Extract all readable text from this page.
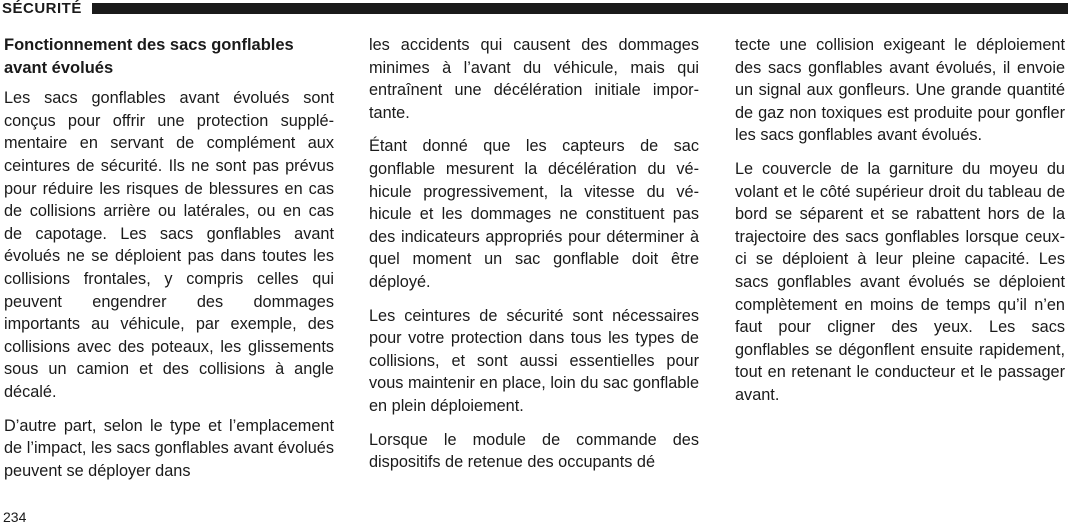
SÉCURITÉ
Fonctionnement des sacs gonflables avant évolués

Les sacs gonflables avant évolués sont conçus pour offrir une protection supplémentaire en servant de complément aux ceintures de sécurité. Ils ne sont pas prévus pour réduire les risques de blessures en cas de collisions arrière ou latérales, ou en cas de capotage. Les sacs gonflables avant évolués ne se déploient pas dans toutes les collisions frontales, y compris celles qui peuvent engendrer des dommages importants au véhicule, par exemple, des collisions avec des poteaux, les glissements sous un camion et des collisions à angle décalé.

D’autre part, selon le type et l’emplacement de l’impact, les sacs gonflables avant évolués peuvent se déployer dans

les accidents qui causent des dommages minimes à l’avant du véhicule, mais qui entraînent une décélération initiale importante.

Étant donné que les capteurs de sac gonflable mesurent la décélération du véhicule progressivement, la vitesse du véhicule et les dommages ne constituent pas des indicateurs appropriés pour déterminer à quel moment un sac gonflable doit être déployé.

Les ceintures de sécurité sont nécessaires pour votre protection dans tous les types de collisions, et sont aussi essentielles pour vous maintenir en place, loin du sac gonflable en plein déploiement.

Lorsque le module de commande des dispositifs de retenue des occupants dé

tecte une collision exigeant le déploiement des sacs gonflables avant évolués, il envoie un signal aux gonfleurs. Une grande quantité de gaz non toxiques est produite pour gonfler les sacs gonflables avant évolués.

Le couvercle de la garniture du moyeu du volant et le côté supérieur droit du tableau de bord se séparent et se rabattent hors de la trajectoire des sacs gonflables lorsque ceux-ci se déploient à leur pleine capacité. Les sacs gonflables avant évolués se déploient complètement en moins de temps qu’il n’en faut pour cligner des yeux. Les sacs gonflables se dégonflent ensuite rapidement, tout en retenant le conducteur et le passager avant.

234
